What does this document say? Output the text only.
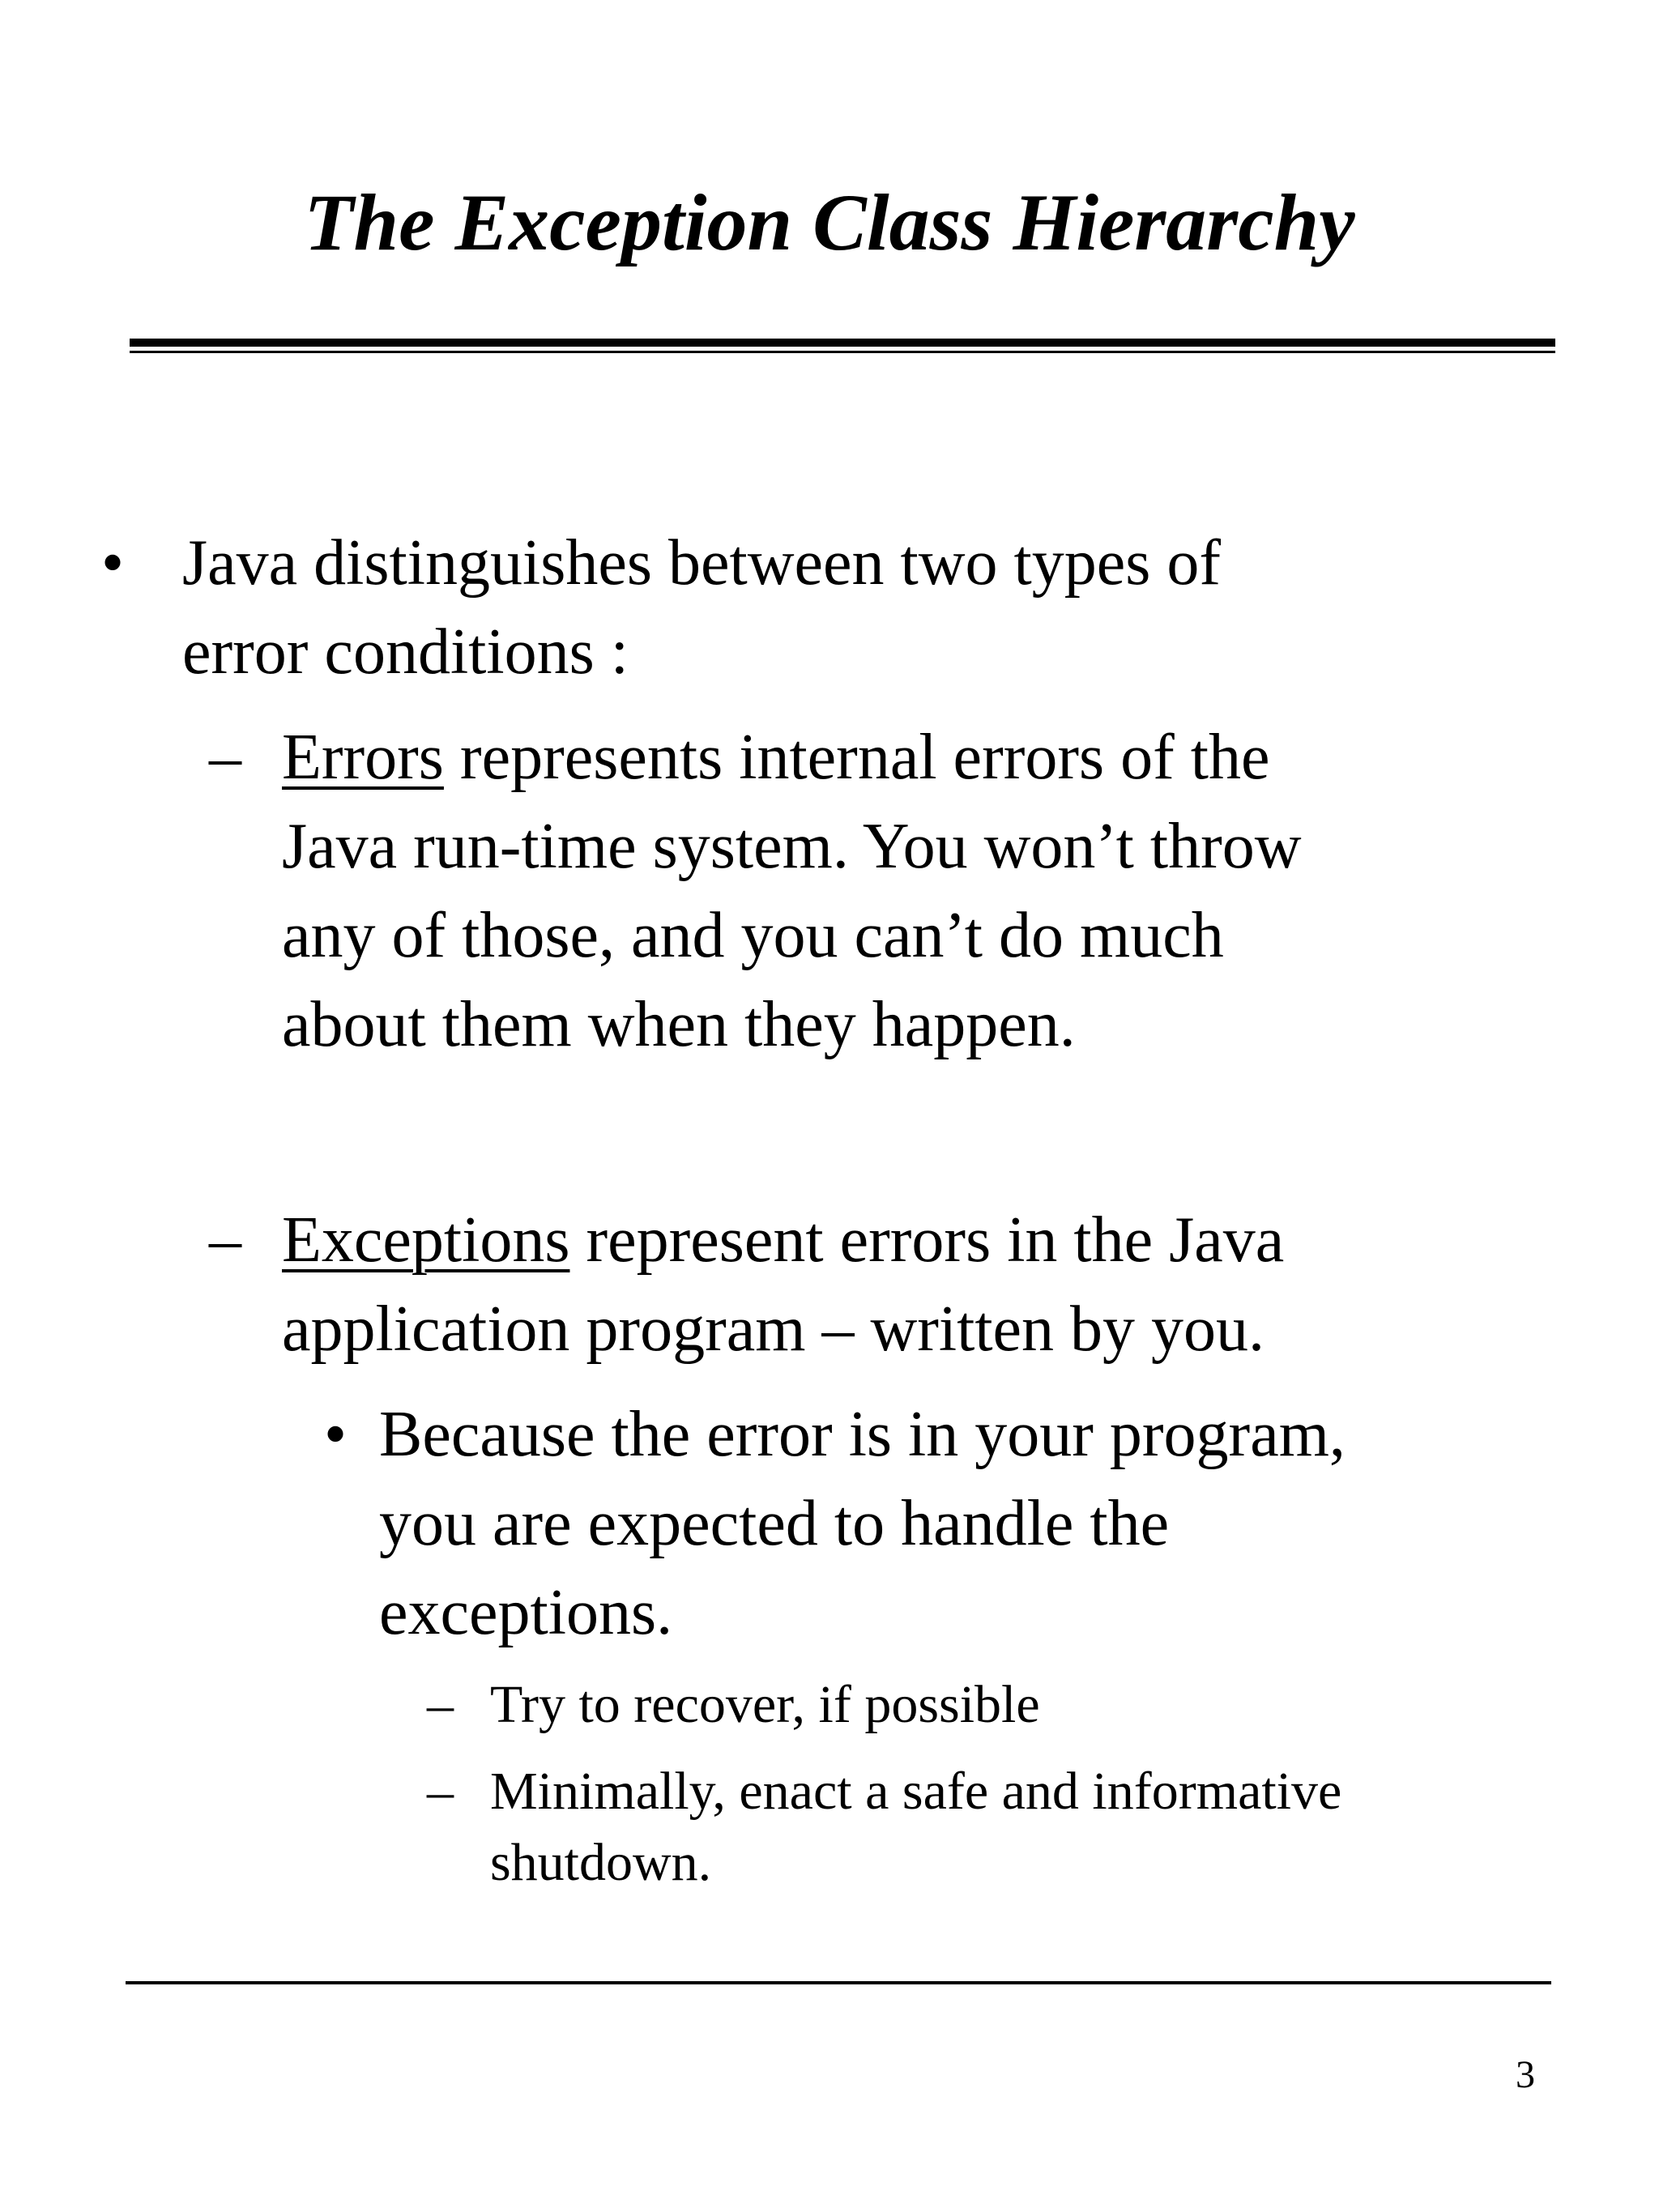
The Exception Class Hierarchy
• Java distinguishes between two types of
error conditions :
– Errors represents internal errors of the
Java run-time system. You won’t throw
any of those, and you can’t do much
about them when they happen.
– Exceptions represent errors in the Java
application program – written by you.
• Because the error is in your program,
you are expected to handle the
exceptions.
– Try to recover, if possible
– Minimally, enact a safe and informative
shutdown.
3
